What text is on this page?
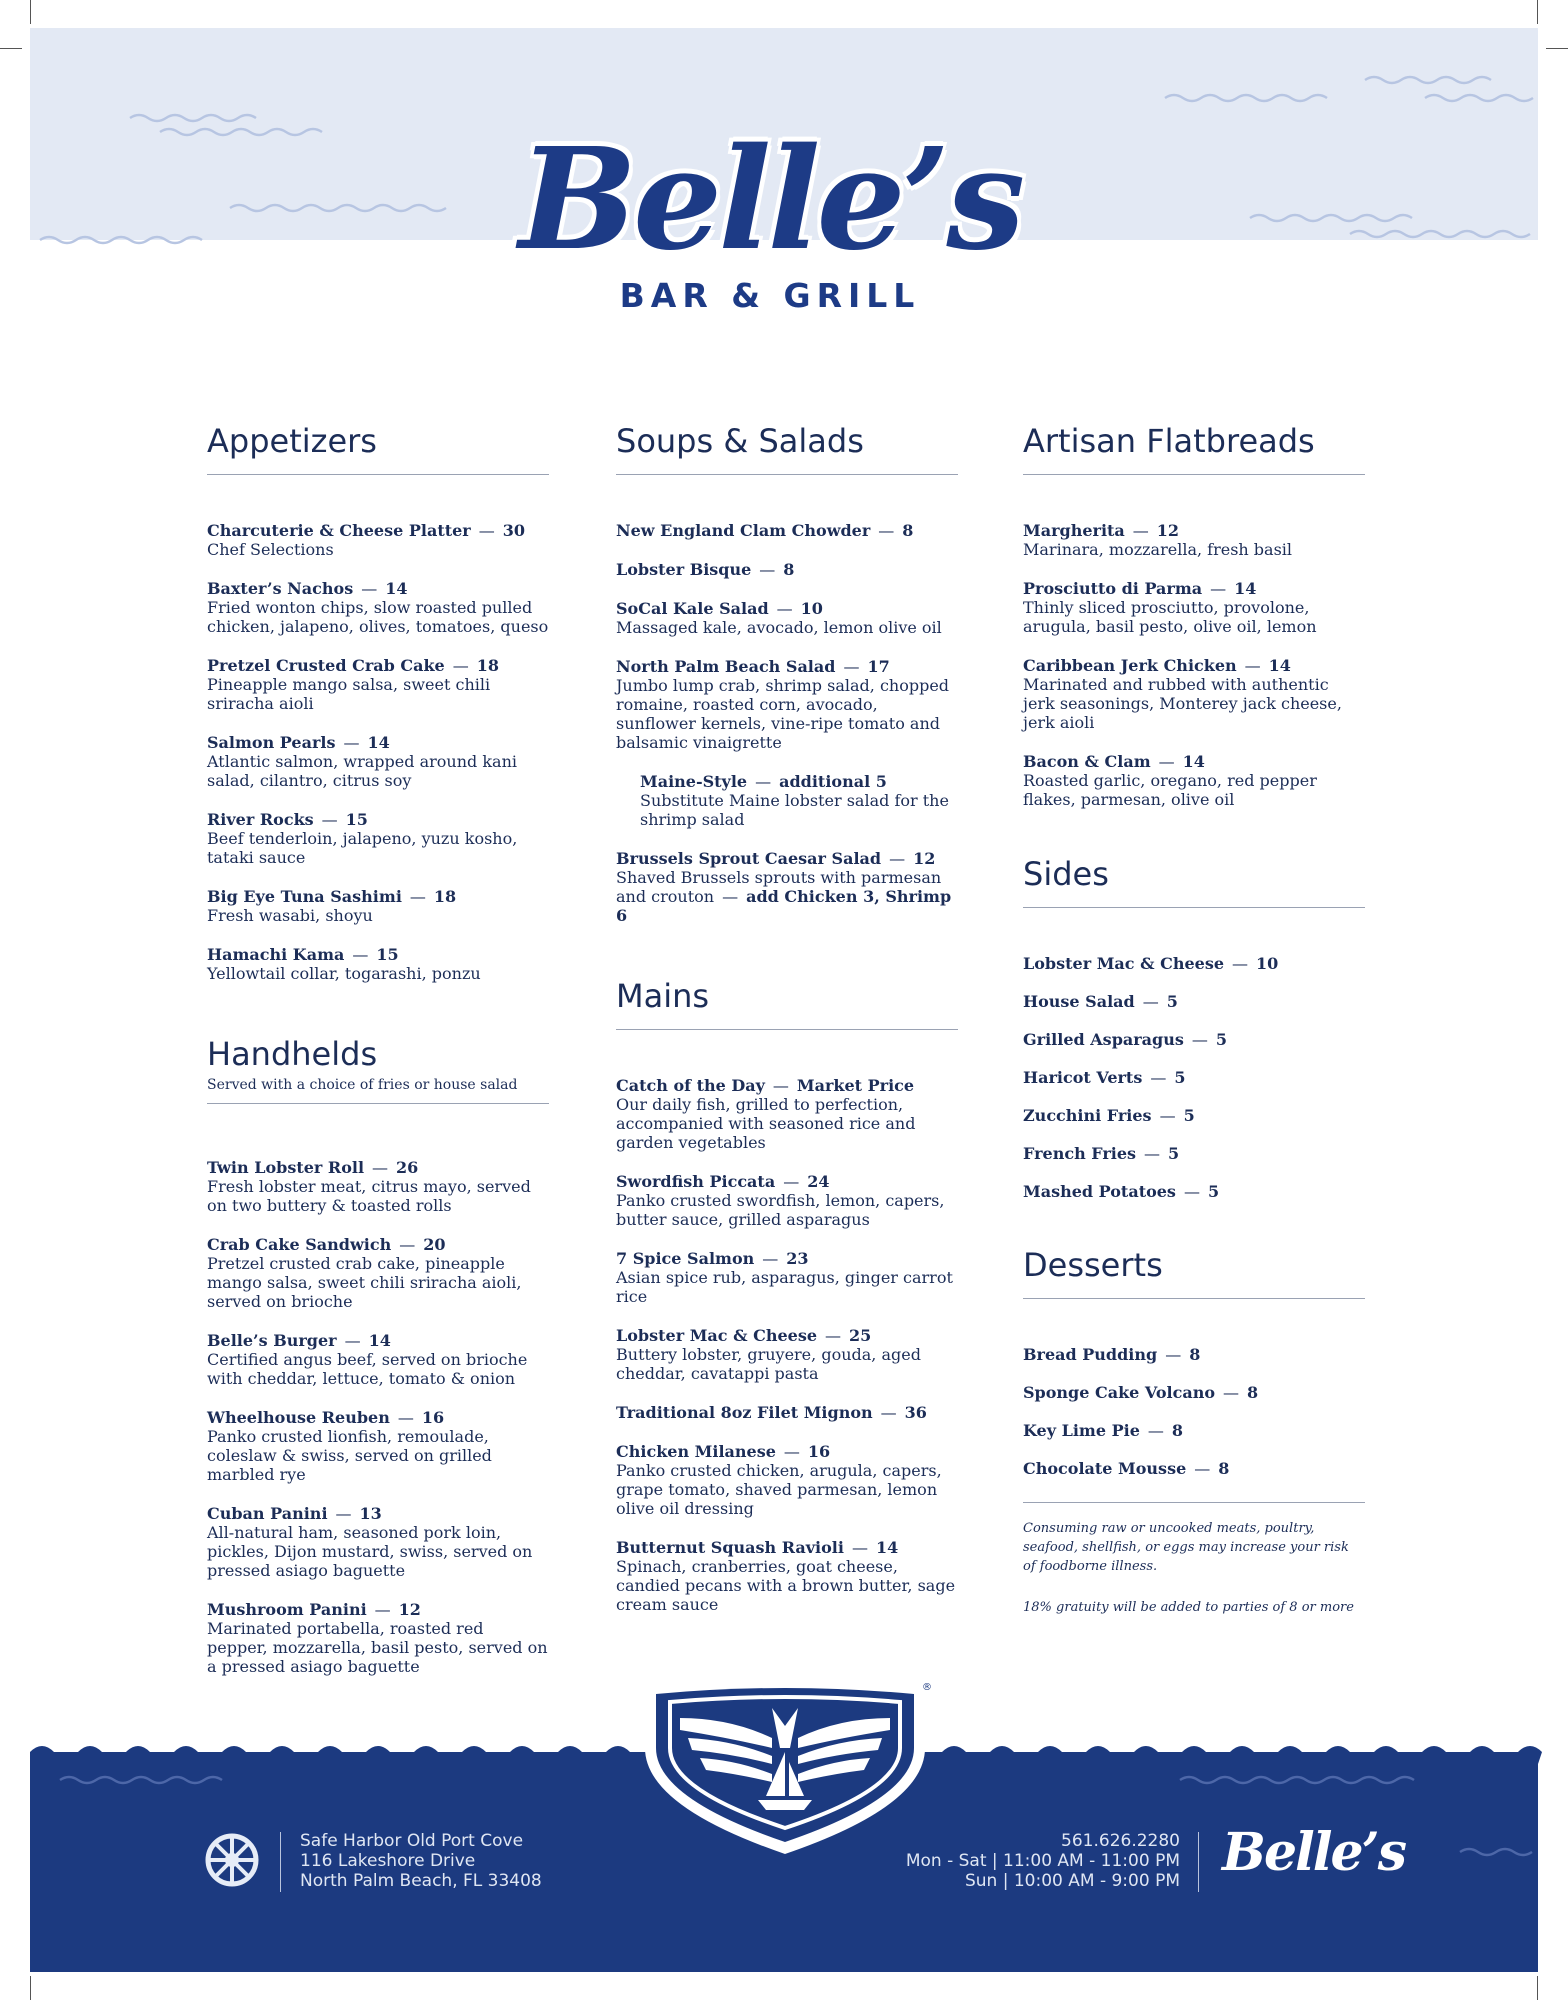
Belle’s
BAR & GRILL
Appetizers
Charcuterie & Cheese Platter — 30
Chef Selections
Baxter’s Nachos — 14
Fried wonton chips, slow roasted pulled chicken, jalapeno, olives, tomatoes, queso
Pretzel Crusted Crab Cake — 18
Pineapple mango salsa, sweet chili sriracha aioli
Salmon Pearls — 14
Atlantic salmon, wrapped around kani salad, cilantro, citrus soy
River Rocks — 15
Beef tenderloin, jalapeno, yuzu kosho, tataki sauce
Big Eye Tuna Sashimi — 18
Fresh wasabi, shoyu
Hamachi Kama — 15
Yellowtail collar, togarashi, ponzu
Handhelds
Served with a choice of fries or house salad
Twin Lobster Roll — 26
Fresh lobster meat, citrus mayo, served on two buttery & toasted rolls
Crab Cake Sandwich — 20
Pretzel crusted crab cake, pineapple mango salsa, sweet chili sriracha aioli, served on brioche
Belle’s Burger — 14
Certified angus beef, served on brioche with cheddar, lettuce, tomato & onion
Wheelhouse Reuben — 16
Panko crusted lionfish, remoulade, coleslaw & swiss, served on grilled marbled rye
Cuban Panini — 13
All-natural ham, seasoned pork loin, pickles, Dijon mustard, swiss, served on pressed asiago baguette
Mushroom Panini — 12
Marinated portabella, roasted red pepper, mozzarella, basil pesto, served on a pressed asiago baguette
Soups & Salads
New England Clam Chowder — 8
Lobster Bisque — 8
SoCal Kale Salad — 10
Massaged kale, avocado, lemon olive oil
North Palm Beach Salad — 17
Jumbo lump crab, shrimp salad, chopped romaine, roasted corn, avocado, sunflower kernels, vine-ripe tomato and balsamic vinaigrette
Maine-Style — additional 5
Substitute Maine lobster salad for the shrimp salad
Brussels Sprout Caesar Salad — 12
Shaved Brussels sprouts with parmesan and crouton — add Chicken 3, Shrimp 6
Mains
Catch of the Day — Market Price
Our daily fish, grilled to perfection, accompanied with seasoned rice and garden vegetables
Swordfish Piccata — 24
Panko crusted swordfish, lemon, capers, butter sauce, grilled asparagus
7 Spice Salmon — 23
Asian spice rub, asparagus, ginger carrot rice
Lobster Mac & Cheese — 25
Buttery lobster, gruyere, gouda, aged cheddar, cavatappi pasta
Traditional 8oz Filet Mignon — 36
Chicken Milanese — 16
Panko crusted chicken, arugula, capers, grape tomato, shaved parmesan, lemon olive oil dressing
Butternut Squash Ravioli — 14
Spinach, cranberries, goat cheese, candied pecans with a brown butter, sage cream sauce
Artisan Flatbreads
Margherita — 12
Marinara, mozzarella, fresh basil
Prosciutto di Parma — 14
Thinly sliced prosciutto, provolone, arugula, basil pesto, olive oil, lemon
Caribbean Jerk Chicken — 14
Marinated and rubbed with authentic jerk seasonings, Monterey jack cheese, jerk aioli
Bacon & Clam — 14
Roasted garlic, oregano, red pepper flakes, parmesan, olive oil
Sides
Lobster Mac & Cheese — 10
House Salad — 5
Grilled Asparagus — 5
Haricot Verts — 5
Zucchini Fries — 5
French Fries — 5
Mashed Potatoes — 5
Desserts
Bread Pudding — 8
Sponge Cake Volcano — 8
Key Lime Pie — 8
Chocolate Mousse — 8
Consuming raw or uncooked meats, poultry, seafood, shellfish, or eggs may increase your risk of foodborne illness.
18% gratuity will be added to parties of 8 or more
Safe Harbor Old Port Cove
116 Lakeshore Drive
North Palm Beach, FL 33408
561.626.2280
Mon - Sat | 11:00 AM - 11:00 PM
Sun | 10:00 AM - 9:00 PM Belle’s
®
